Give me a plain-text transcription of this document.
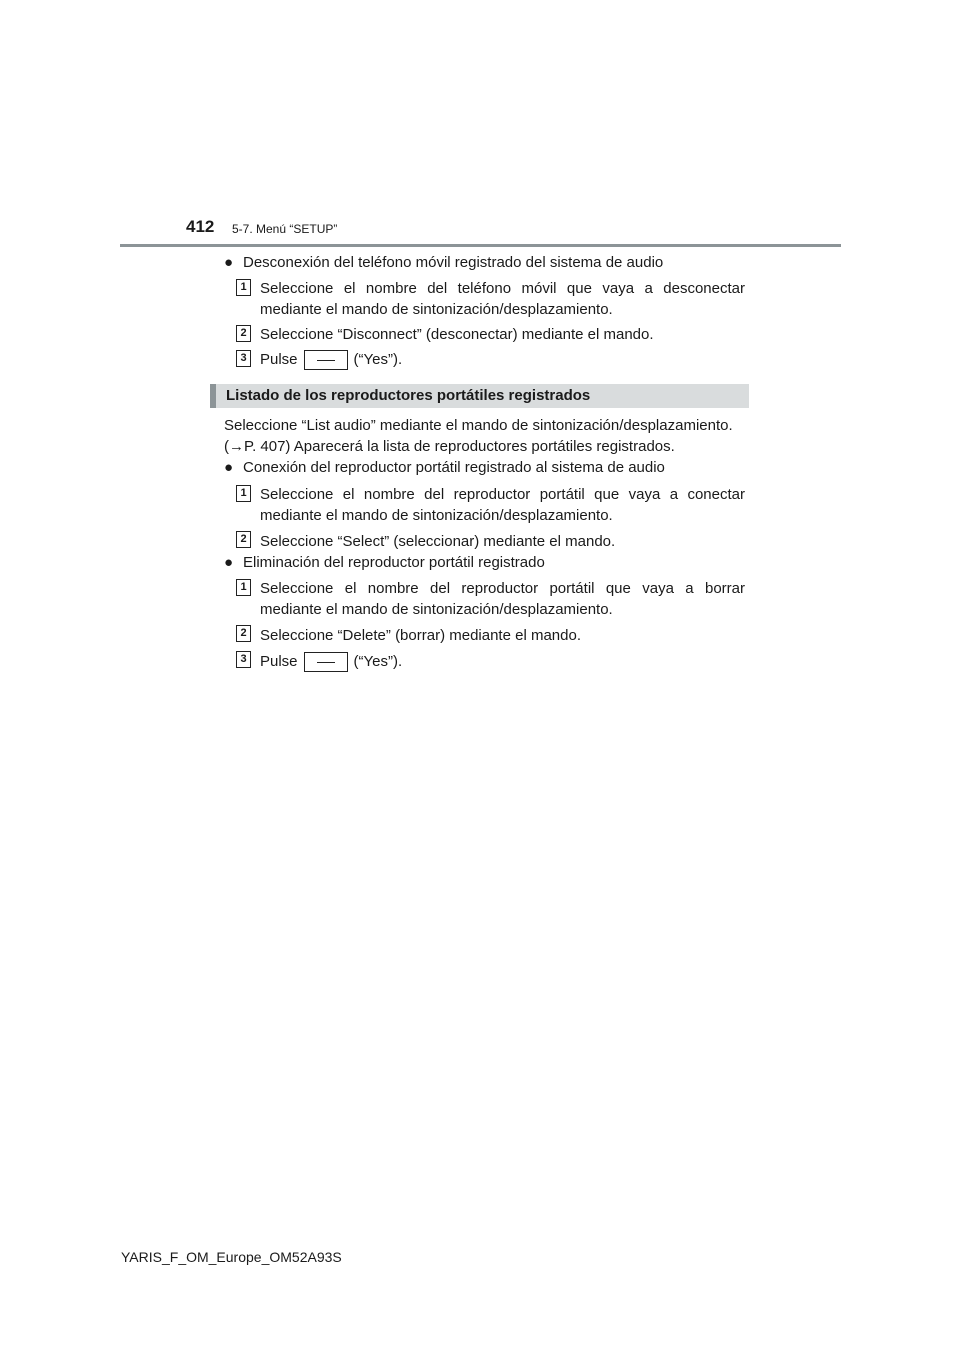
412 5-7. Menú “SETUP”
● Desconexión del teléfono móvil registrado del sistema de audio
1 Seleccione el nombre del teléfono móvil que vaya a desconectar
mediante el mando de sintonización/desplazamiento.
2 Seleccione “Disconnect” (desconectar) mediante el mando.
3 Pulse	(“Yes”).
Listado de los reproductores portátiles registrados
Seleccione “List audio” mediante el mando de sintonización/desplazamiento.
(→P. 407) Aparecerá la lista de reproductores portátiles registrados.
● Conexión del reproductor portátil registrado al sistema de audio
1 Seleccione el nombre del reproductor portátil que vaya a conectar
mediante el mando de sintonización/desplazamiento.
2 Seleccione “Select” (seleccionar) mediante el mando.
● Eliminación del reproductor portátil registrado
1 Seleccione el nombre del reproductor portátil que vaya a borrar
mediante el mando de sintonización/desplazamiento.
2 Seleccione “Delete” (borrar) mediante el mando.
3 Pulse	(“Yes”).
YARIS_F_OM_Europe_OM52A93S
